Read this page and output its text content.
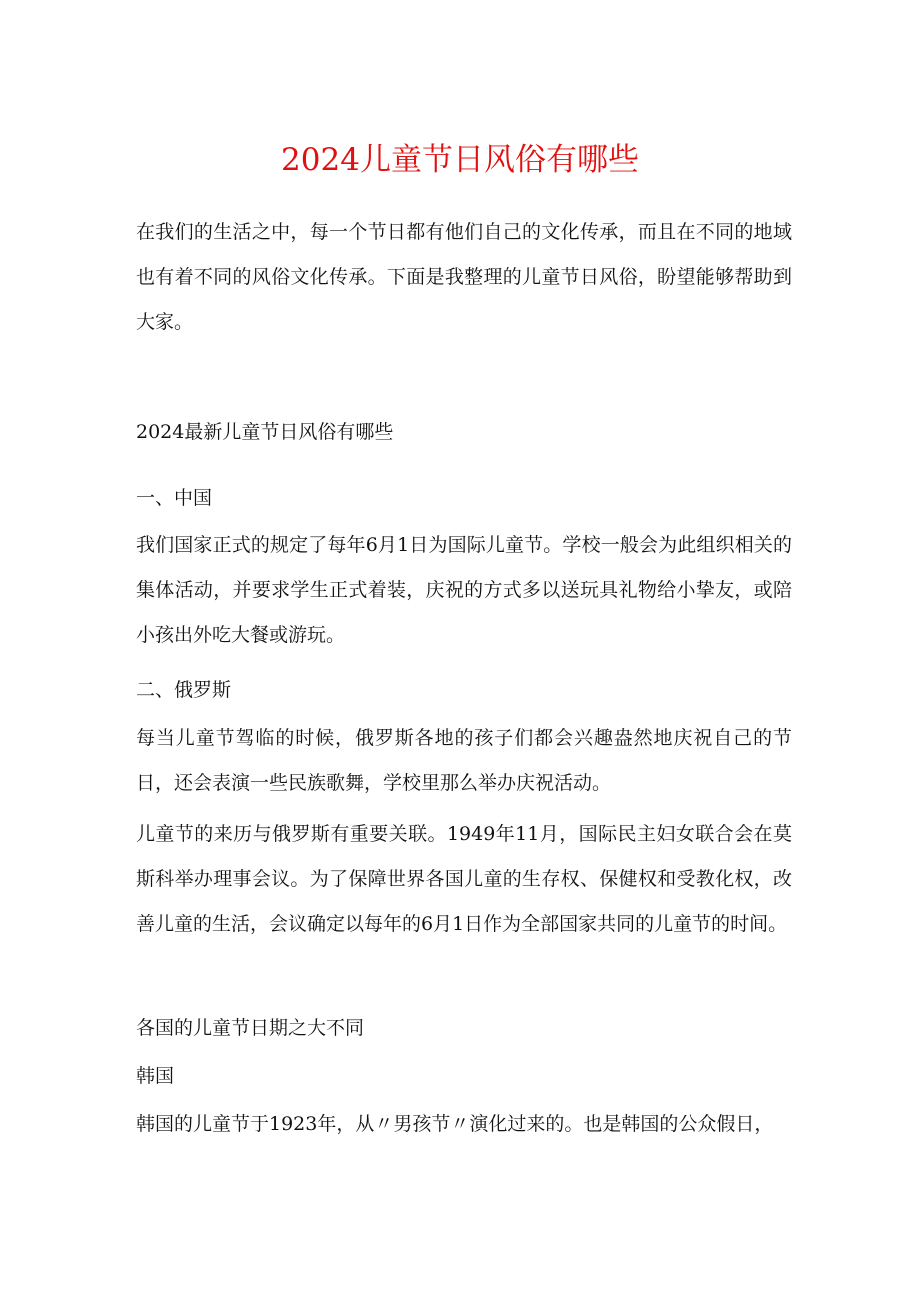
2024儿童节日风俗有哪些

在我们的生活之中，每一个节日都有他们自己的文化传承，而且在不同的地域也有着不同的风俗文化传承。下面是我整理的儿童节日风俗，盼望能够帮助到大家。

2024最新儿童节日风俗有哪些

一、中国

我们国家正式的规定了每年6月1日为国际儿童节。学校一般会为此组织相关的集体活动，并要求学生正式着装，庆祝的方式多以送玩具礼物给小挚友，或陪小孩出外吃大餐或游玩。

二、俄罗斯

每当儿童节驾临的时候，俄罗斯各地的孩子们都会兴趣盎然地庆祝自己的节日，还会表演一些民族歌舞，学校里那么举办庆祝活动。

儿童节的来历与俄罗斯有重要关联。1949年11月，国际民主妇女联合会在莫斯科举办理事会议。为了保障世界各国儿童的生存权、保健权和受教化权，改善儿童的生活，会议确定以每年的6月1日作为全部国家共同的儿童节的时间。

各国的儿童节日期之大不同

韩国

韩国的儿童节于1923年，从〃男孩节〃演化过来的。也是韩国的公众假日，
